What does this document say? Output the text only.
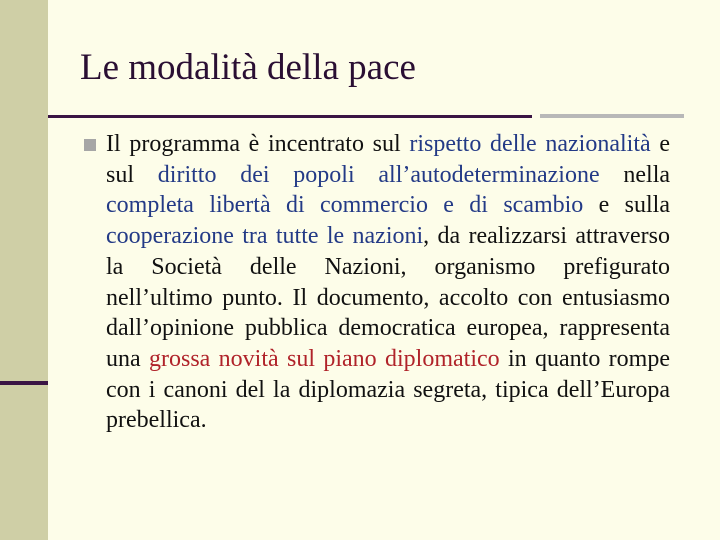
Le modalità della pace

Il programma è incentrato sul rispetto delle nazionalità e sul diritto dei popoli all’autodeterminazione nella completa libertà di commercio e di scambio e sulla cooperazione tra tutte le nazioni, da realizzarsi attraverso la Società delle Nazioni, organismo prefigurato nell’ultimo punto. Il documento, accolto con entusiasmo dall’opinione pubblica democratica europea, rappresenta una grossa novità sul piano diplomatico in quanto rompe con i canoni del la diplomazia segreta, tipica dell’Europa prebellica.
